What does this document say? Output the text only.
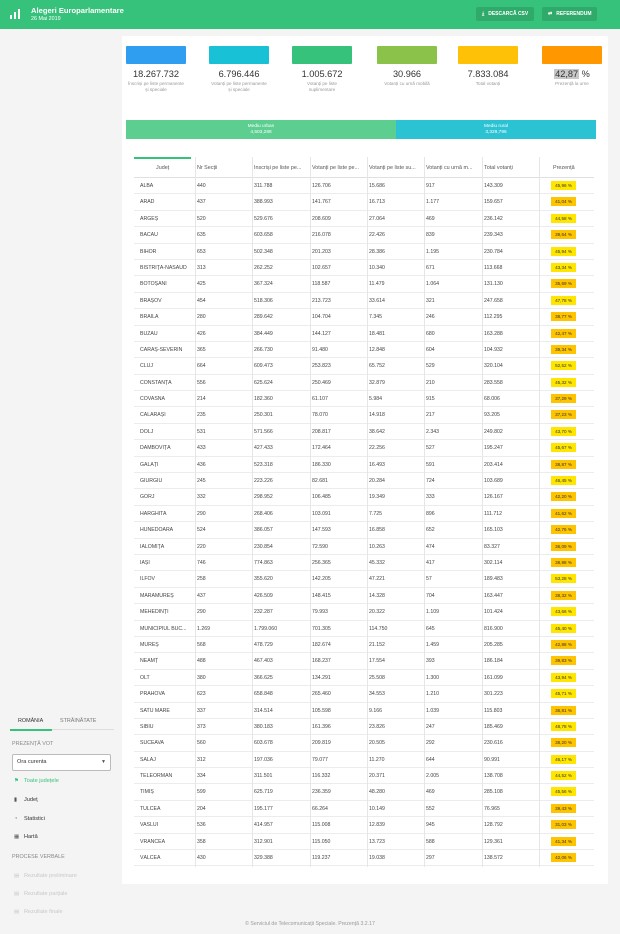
Alegeri Europarlamentare
26 Mai 2019
⤓ DESCARCĂ CSV	⇄ REFERENDUM
ROMÂNIA	STRĂINĂTATE
PREZENȚĂ VOT
Ora curenta	▼
⚑ Toate județele
▮ Județ
◔ Statistici
▦ Hartă
PROCESE VERBALE
▤ Rezultate preliminare
▤ Rezultate parțiale
▤ Rezultate finale
18.267.732
Înscriși pe liste permanente și speciale
6.796.446
Votanți pe liste permanente și speciale
1.005.672
Votanți pe liste suplimentare
30.966
Votanți cu urnă mobilă
7.833.084
Total votanți
42,87 %
Prezență la urne
Mediu urban
4,503,288
Mediu rural
3,329,796
Județ	Nr Secții	Înscriși pe liste pe...	Votanți pe liste pe...	Votanți pe liste su...	Votanți cu urnă m...	Total votanți	Prezență
ALBA	440	311.788	126.706	15.686	917	143.309	45,96 %
ARAD	437	388.993	141.767	16.713	1.177	159.657	41,04 %
ARGEȘ	520	529.676	208.609	27.064	469	236.142	44,58 %
BACĂU	635	603.658	216.078	22.426	839	239.343	39,64 %
BIHOR	653	502.348	201.203	28.386	1.195	230.784	45,94 %
BISTRIȚA-NĂSĂUD	313	262.252	102.657	10.340	671	113.668	43,34 %
BOTOȘANI	425	367.324	118.587	11.479	1.064	131.130	35,69 %
BRAȘOV	454	518.306	213.723	33.614	321	247.658	47,78 %
BRĂILA	280	289.642	104.704	7.345	246	112.295	38,77 %
BUZĂU	426	384.449	144.127	18.481	680	163.288	42,47 %
CARAȘ-SEVERIN	365	266.730	91.480	12.848	604	104.932	39,34 %
CLUJ	664	609.473	253.823	65.752	529	320.104	52,52 %
CONSTANȚA	556	625.624	250.469	32.879	210	283.558	45,32 %
COVASNA	214	182.360	61.107	5.984	915	68.006	37,29 %
CĂLĂRAȘI	235	250.301	78.070	14.918	217	93.205	37,23 %
DOLJ	531	571.566	208.817	38.642	2.343	249.802	43,70 %
DÂMBOVIȚA	433	427.433	172.464	22.256	527	195.247	45,67 %
GALAȚI	436	523.318	186.330	16.493	591	203.414	38,87 %
GIURGIU	245	223.226	82.681	20.284	724	103.689	46,45 %
GORJ	332	298.952	106.485	19.349	333	126.167	42,20 %
HARGHITA	290	268.406	103.091	7.725	896	111.712	41,62 %
HUNEDOARA	524	386.057	147.593	16.858	652	165.103	42,76 %
IALOMIȚA	220	230.854	72.590	10.263	474	83.327	36,09 %
IAȘI	746	774.863	256.365	45.332	417	302.114	38,98 %
ILFOV	258	355.620	142.205	47.221	57	189.483	53,28 %
MARAMUREȘ	437	426.509	148.415	14.328	704	163.447	38,32 %
MEHEDINȚI	290	232.287	79.993	20.322	1.109	101.424	43,66 %
MUNICIPIUL BUC...	1.269	1.799.060	701.305	114.750	645	816.900	45,40 %
MUREȘ	568	478.729	182.674	21.152	1.459	205.285	42,88 %
NEAMȚ	488	467.403	168.237	17.554	393	186.184	39,83 %
OLT	380	366.625	134.291	25.508	1.300	161.099	43,94 %
PRAHOVA	623	658.848	265.460	34.553	1.210	301.223	45,71 %
SATU MARE	337	314.514	105.598	9.166	1.039	115.803	36,81 %
SIBIU	373	380.183	161.396	23.826	247	185.469	48,78 %
SUCEAVA	560	603.678	209.819	20.505	292	230.616	38,20 %
SĂLAJ	312	197.036	79.077	11.270	644	90.991	46,17 %
TELEORMAN	334	311.501	116.332	20.371	2.005	138.708	44,52 %
TIMIȘ	599	625.719	236.359	48.280	469	285.108	45,56 %
TULCEA	204	195.177	66.264	10.149	552	76.965	39,43 %
VASLUI	536	414.957	115.008	12.839	945	128.792	31,03 %
VRANCEA	358	312.901	115.050	13.723	588	129.361	41,34 %
VÂLCEA	430	329.388	119.237	19.038	297	138.572	42,06 %
© Serviciul de Telecomunicații Speciale. Prezență 3.2.17
